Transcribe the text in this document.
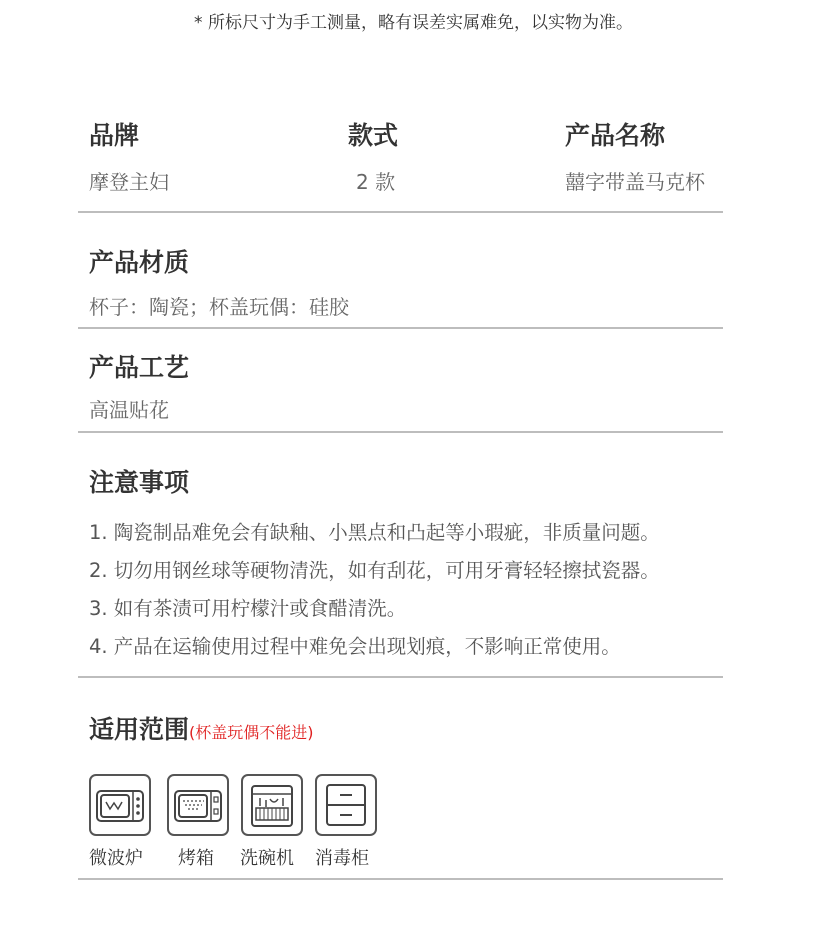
* 所标尺寸为手工测量，略有误差实属难免，以实物为准。
品牌
摩登主妇
款式
2 款
产品名称
囍字带盖马克杯
产品材质
杯子：陶瓷；杯盖玩偶：硅胶
产品工艺
高温贴花
注意事项
1. 陶瓷制品难免会有缺釉、小黑点和凸起等小瑕疵，非质量问题。
2. 切勿用钢丝球等硬物清洗，如有刮花，可用牙膏轻轻擦拭瓷器。
3. 如有茶渍可用柠檬汁或食醋清洗。
4. 产品在运输使用过程中难免会出现划痕，不影响正常使用。
适用范围(杯盖玩偶不能进)
微波炉 烤箱 洗碗机 消毒柜
